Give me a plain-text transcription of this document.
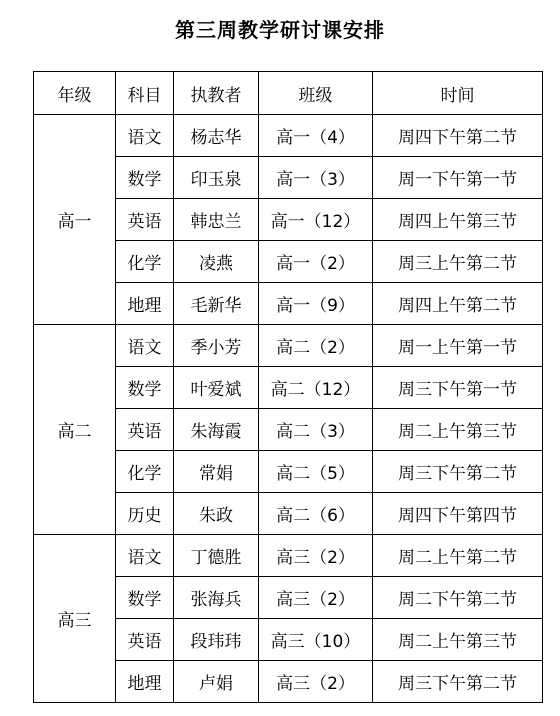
第三周教学研讨课安排
年级	科目	执教者	班级	时间
高一	语文	杨志华	高一（4）	周四下午第二节
	数学	印玉泉	高一（3）	周一下午第一节
	英语	韩忠兰	高一（12）	周四上午第三节
	化学	凌燕	高一（2）	周三上午第二节
	地理	毛新华	高一（9）	周四上午第二节
高二	语文	季小芳	高二（2）	周一上午第一节
	数学	叶爱斌	高二（12）	周三下午第一节
	英语	朱海霞	高二（3）	周二上午第三节
	化学	常娟	高二（5）	周三下午第二节
	历史	朱政	高二（6）	周四下午第四节
高三	语文	丁德胜	高三（2）	周二上午第二节
	数学	张海兵	高三（2）	周二下午第二节
	英语	段玮玮	高三（10）	周二上午第三节
	地理	卢娟	高三（2）	周三下午第二节
